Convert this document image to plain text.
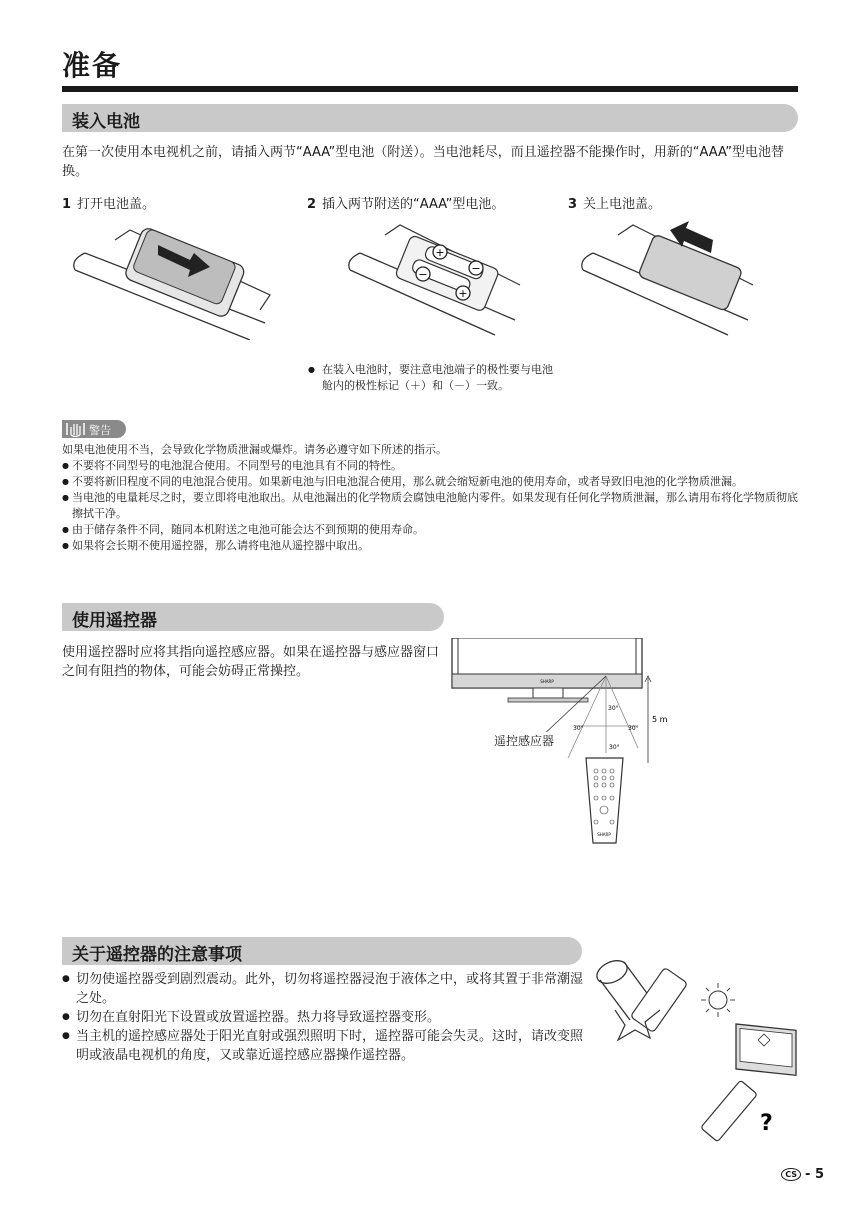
准备
装入电池
在第一次使用本电视机之前，请插入两节“AAA”型电池（附送）。当电池耗尽，而且遥控器不能操作时，用新的“AAA”型电池替换。
1 打开电池盖。	2 插入两节附送的“AAA”型电池。	3 关上电池盖。
+
−
−
+
● 在装入电池时，要注意电池端子的极性要与电池舱内的极性标记（＋）和（－）一致。
警告
如果电池使用不当，会导致化学物质泄漏或爆炸。请务必遵守如下所述的指示。
● 不要将不同型号的电池混合使用。不同型号的电池具有不同的特性。
● 不要将新旧程度不同的电池混合使用。如果新电池与旧电池混合使用，那么就会缩短新电池的使用寿命，或者导致旧电池的化学物质泄漏。
● 当电池的电量耗尽之时，要立即将电池取出。从电池漏出的化学物质会腐蚀电池舱内零件。如果发现有任何化学物质泄漏，那么请用布将化学物质彻底擦拭干净。
● 由于储存条件不同，随同本机附送之电池可能会达不到预期的使用寿命。
● 如果将会长期不使用遥控器，那么请将电池从遥控器中取出。
使用遥控器
使用遥控器时应将其指向遥控感应器。如果在遥控器与感应器窗口之间有阻挡的物体，可能会妨碍正常操控。
SHARP
5 m
30°
30°	30°
30°
SHARP
遥控感应器
关于遥控器的注意事项
● 切勿使遥控器受到剧烈震动。此外，切勿将遥控器浸泡于液体之中，或将其置于非常潮湿之处。
● 切勿在直射阳光下设置或放置遥控器。热力将导致遥控器变形。
● 当主机的遥控感应器处于阳光直射或强烈照明下时，遥控器可能会失灵。这时，请改变照明或液晶电视机的角度，又或靠近遥控感应器操作遥控器。
?
CS - 5
